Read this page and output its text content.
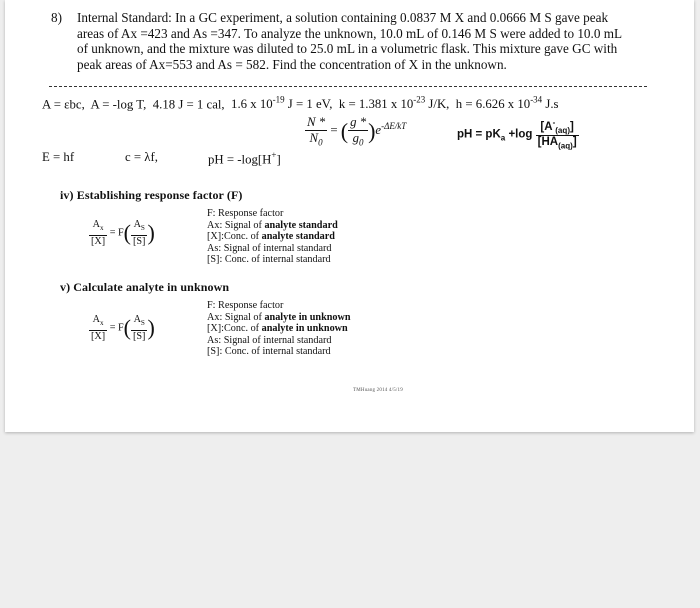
8) Internal Standard: In a GC experiment, a solution containing 0.0837 M X and 0.0666 M S gave peak
areas of Ax =423 and As =347. To analyze the unknown, 10.0 mL of 0.146 M S were added to 10.0 mL
of unknown, and the mixture was diluted to 25.0 mL in a volumetric flask. This mixture gave GC with
peak areas of Ax=553 and As = 582. Find the concentration of X in the unknown.
A = εbc, A = -log T, 4.18 J = 1 cal, 1.6 x $10^{-19}$ J = 1 eV, k = 1.381 x $10^{-23}$ J/K, h = 6.626 x $10^{-34}$ J.s
$\frac{N *}{N_0}$ = ( $\frac{g *}{g_0} )e^{-\Delta E/kT}$
pH = $pK_a +\log \frac{[A^-_{(aq)}]}{[HA_{(aq)}]}$
E = hf	c = λf,	pH = -log[H+]
iv) Establishing response factor (F)
$\frac{A_x}{[X]} = F( \frac{A_S}{[S]}$ )
F: Response factor
Ax: Signal of analyte standard
[X]:Conc. of analyte standard
As: Signal of internal standard
[S]: Conc. of internal standard
v) Calculate analyte in unknown
$\frac{A_x}{[X]} = F( \frac{A_S}{[S]}$ )
F: Response factor
Ax: Signal of analyte in unknown
[X]:Conc. of analyte in unknown
As: Signal of internal standard
[S]: Conc. of internal standard
TMHuang 2014 4/5/19
